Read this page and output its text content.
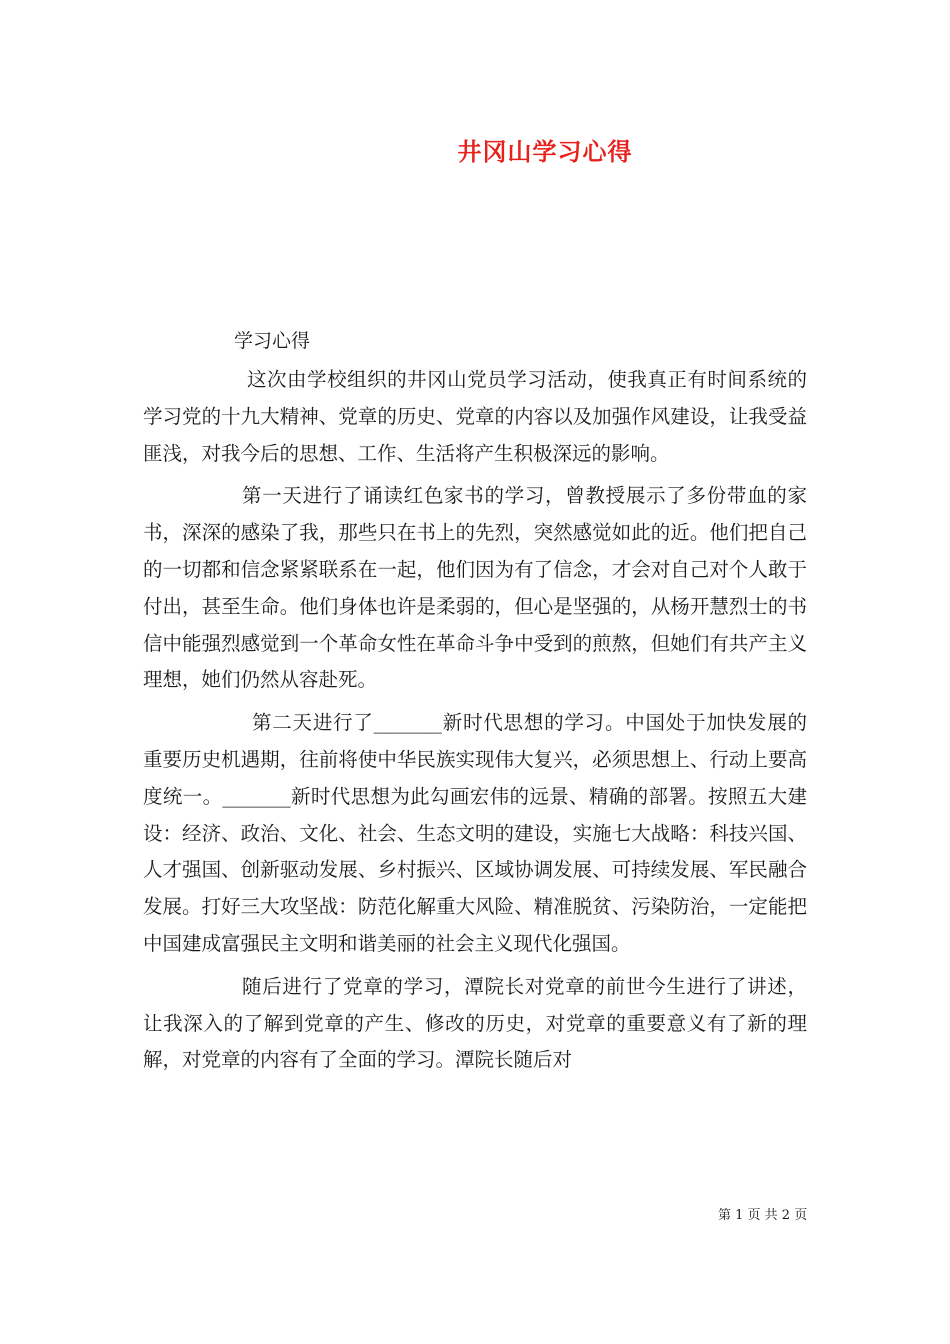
井冈山学习心得
学习心得

这次由学校组织的井冈山党员学习活动，使我真正有时间系统的学习党的十九大精神、党章的历史、党章的内容以及加强作风建设，让我受益匪浅，对我今后的思想、工作、生活将产生积极深远的影响。

第一天进行了诵读红色家书的学习，曾教授展示了多份带血的家书，深深的感染了我，那些只在书上的先烈，突然感觉如此的近。他们把自己的一切都和信念紧紧联系在一起，他们因为有了信念，才会对自己对个人敢于付出，甚至生命。他们身体也许是柔弱的，但心是坚强的，从杨开慧烈士的书信中能强烈感觉到一个革命女性在革命斗争中受到的煎熬，但她们有共产主义理想，她们仍然从容赴死。

第二天进行了_______新时代思想的学习。中国处于加快发展的重要历史机遇期，往前将使中华民族实现伟大复兴，必须思想上、行动上要高度统一。_______新时代思想为此勾画宏伟的远景、精确的部署。按照五大建设：经济、政治、文化、社会、生态文明的建设，实施七大战略：科技兴国、人才强国、创新驱动发展、乡村振兴、区域协调发展、可持续发展、军民融合发展。打好三大攻坚战：防范化解重大风险、精准脱贫、污染防治，一定能把中国建成富强民主文明和谐美丽的社会主义现代化强国。

随后进行了党章的学习，潭院长对党章的前世今生进行了讲述，让我深入的了解到党章的产生、修改的历史，对党章的重要意义有了新的理解，对党章的内容有了全面的学习。潭院长随后对

第 1 页 共 2 页
